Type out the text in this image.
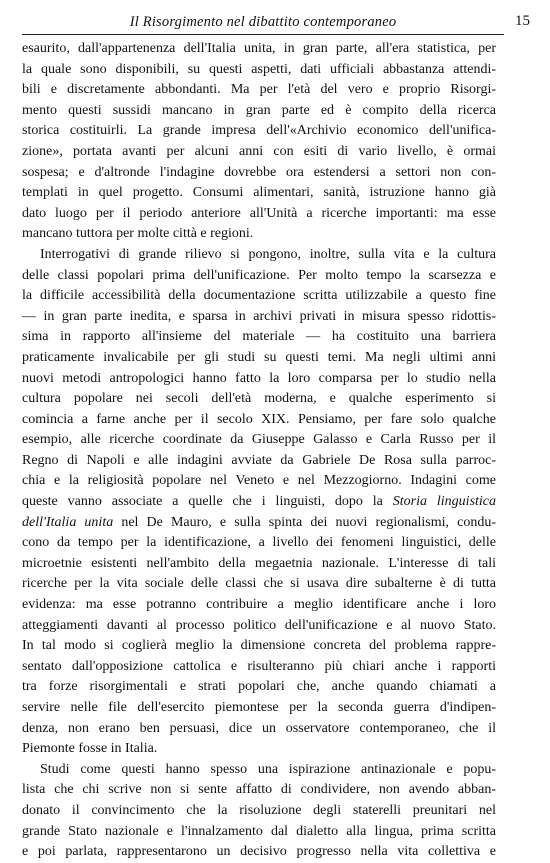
Il Risorgimento nel dibattito contemporaneo	15
esaurito, dall'appartenenza dell'Italia unita, in gran parte, all'era statistica, per
la quale sono disponibili, su questi aspetti, dati ufficiali abbastanza attendi-
bili e discretamente abbondanti. Ma per l'età del vero e proprio Risorgi-
mento questi sussidi mancano in gran parte ed è compito della ricerca
storica costituirli. La grande impresa dell'«Archivio economico dell'unifica-
zione», portata avanti per alcuni anni con esiti di vario livello, è ormai
sospesa; e d'altronde l'indagine dovrebbe ora estendersi a settori non con-
templati in quel progetto. Consumi alimentari, sanità, istruzione hanno già
dato luogo per il periodo anteriore all'Unità a ricerche importanti: ma esse
mancano tuttora per molte città e regioni.
Interrogativi di grande rilievo si pongono, inoltre, sulla vita e la cultura
delle classi popolari prima dell'unificazione. Per molto tempo la scarsezza e
la difficile accessibilità della documentazione scritta utilizzabile a questo fine
— in gran parte inedita, e sparsa in archivi privati in misura spesso ridottis-
sima in rapporto all'insieme del materiale — ha costituito una barriera
praticamente invalicabile per gli studi su questi temi. Ma negli ultimi anni
nuovi metodi antropologici hanno fatto la loro comparsa per lo studio nella
cultura popolare nei secoli dell'età moderna, e qualche esperimento si
comincia a farne anche per il secolo XIX. Pensiamo, per fare solo qualche
esempio, alle ricerche coordinate da Giuseppe Galasso e Carla Russo per il
Regno di Napoli e alle indagini avviate da Gabriele De Rosa sulla parroc-
chia e la religiosità popolare nel Veneto e nel Mezzogiorno. Indagini come
queste vanno associate a quelle che i linguisti, dopo la Storia linguistica
dell'Italia unita nel De Mauro, e sulla spinta dei nuovi regionalismi, condu-
cono da tempo per la identificazione, a livello dei fenomeni linguistici, delle
microetnie esistenti nell'ambito della megaetnia nazionale. L'interesse di tali
ricerche per la vita sociale delle classi che si usava dire subalterne è di tutta
evidenza: ma esse potranno contribuire a meglio identificare anche i loro
atteggiamenti davanti al processo politico dell'unificazione e al nuovo Stato.
In tal modo si coglierà meglio la dimensione concreta del problema rappre-
sentato dall'opposizione cattolica e risulteranno più chiari anche i rapporti
tra forze risorgimentali e strati popolari che, anche quando chiamati a
servire nelle file dell'esercito piemontese per la seconda guerra d'indipen-
denza, non erano ben persuasi, dice un osservatore contemporaneo, che il
Piemonte fosse in Italia.
Studi come questi hanno spesso una ispirazione antinazionale e popu-
lista che chi scrive non si sente affatto di condividere, non avendo abban-
donato il convincimento che la risoluzione degli staterelli preunitari nel
grande Stato nazionale e l'innalzamento dal dialetto alla lingua, prima scritta
e poi parlata, rappresentarono un decisivo progresso nella vita collettiva e
